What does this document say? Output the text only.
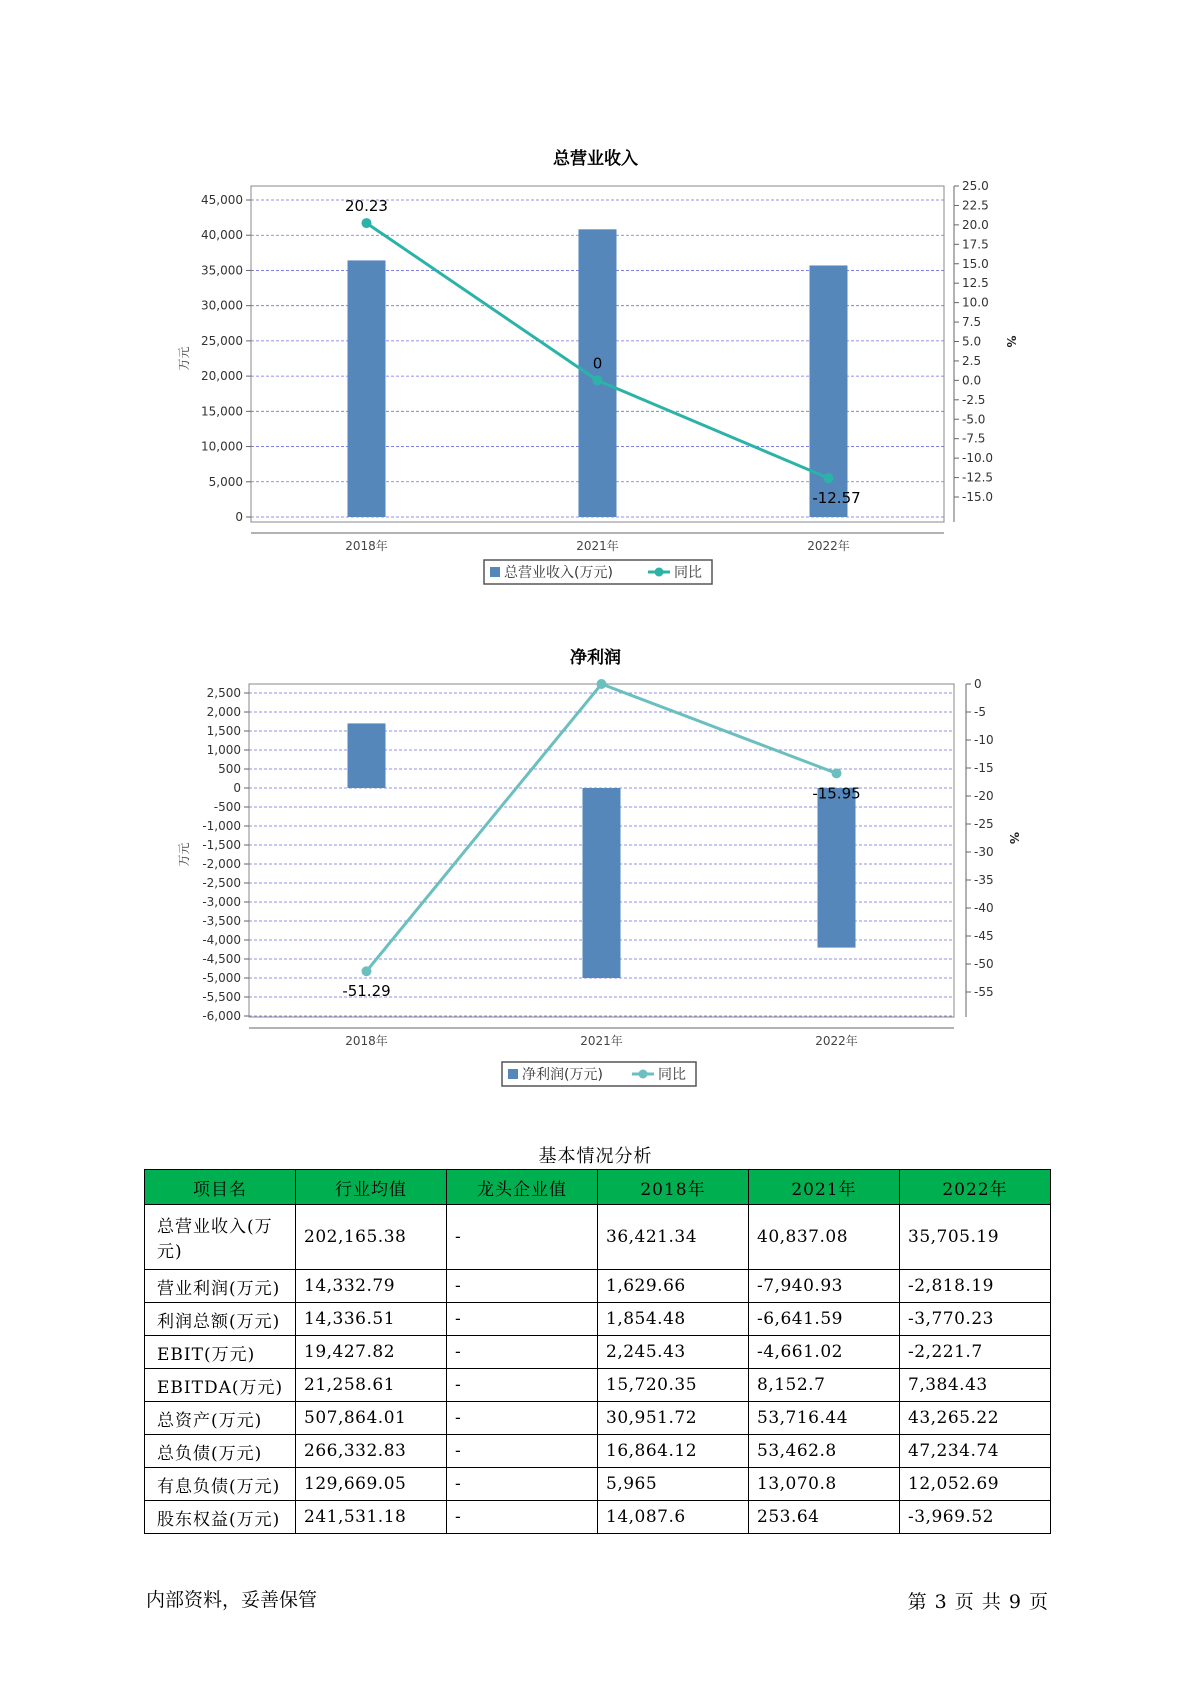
总营业收入
0
5,000
10,000
15,000
20,000
25,000
30,000
35,000
40,000
45,000
万元
25.0
22.5
20.0
17.5
15.0
12.5
10.0
7.5
5.0
2.5
0.0
-2.5
-5.0
-7.5
-10.0
-12.5
-15.0
%
2018年	2021年	2022年
20.23
0
-12.57
总营业收入(万元)	同比
净利润
2,500
2,000
1,500
1,000
500
0
-500
-1,000
-1,500
-2,000
-2,500
-3,000
-3,500
-4,000
-4,500
-5,000
-5,500
-6,000
万元
0
-5
-10
-15
-20
-25
-30
-35
-40
-45
-50
-55
%
2018年	2021年	2022年
-51.29
-15.95
净利润(万元)	同比
基本情况分析
项目名	行业均值	龙头企业值	2018年	2021年	2022年
总营业收入(万元)	202,165.38	-	36,421.34	40,837.08	35,705.19
营业利润(万元)	14,332.79	-	1,629.66	-7,940.93	-2,818.19
利润总额(万元)	14,336.51	-	1,854.48	-6,641.59	-3,770.23
EBIT(万元)	19,427.82	-	2,245.43	-4,661.02	-2,221.7
EBITDA(万元)	21,258.61	-	15,720.35	8,152.7	7,384.43
总资产(万元)	507,864.01	-	30,951.72	53,716.44	43,265.22
总负债(万元)	266,332.83	-	16,864.12	53,462.8	47,234.74
有息负债(万元)	129,669.05	-	5,965	13,070.8	12,052.69
股东权益(万元)	241,531.18	-	14,087.6	253.64	-3,969.52
内部资料，妥善保管	第 3 页 共 9 页
